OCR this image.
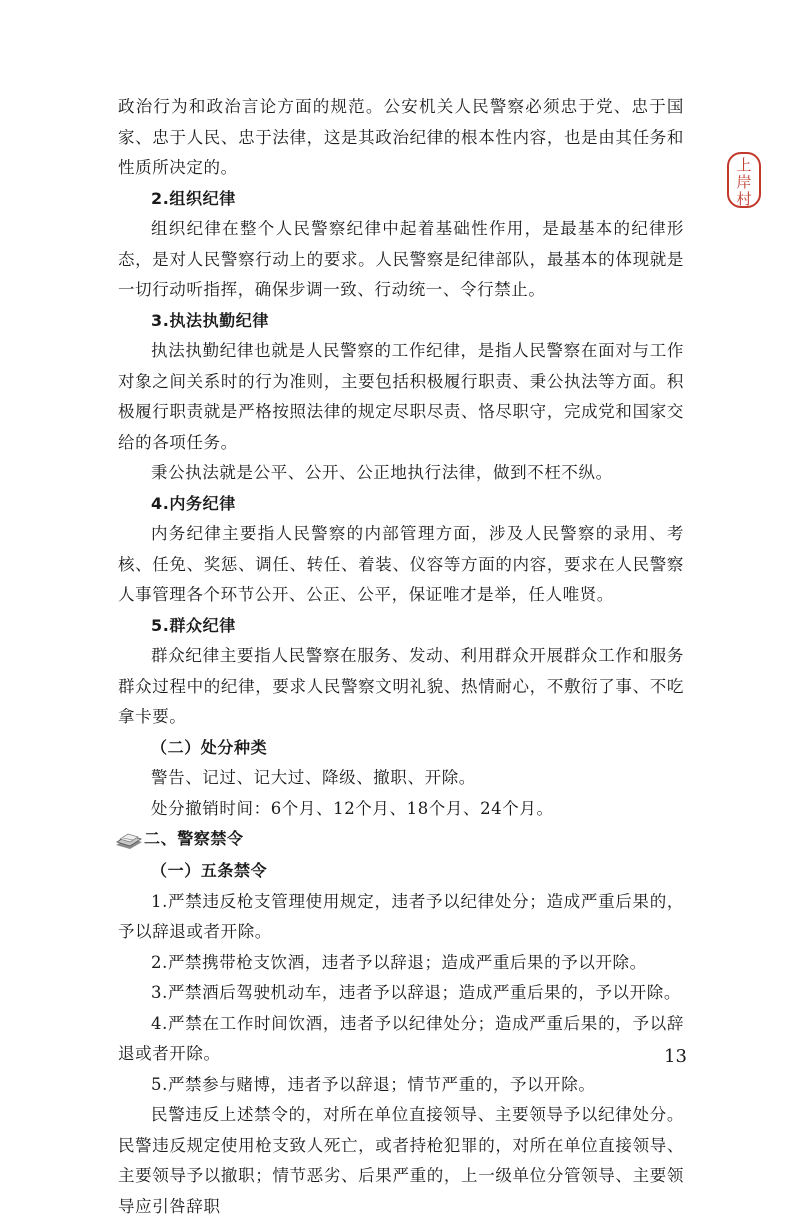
上
岸
村

政治行为和政治言论方面的规范。公安机关人民警察必须忠于党、忠于国家、忠于人民、忠于法律，这是其政治纪律的根本性内容，也是由其任务和性质所决定的。

2.组织纪律

组织纪律在整个人民警察纪律中起着基础性作用，是最基本的纪律形态，是对人民警察行动上的要求。人民警察是纪律部队，最基本的体现就是一切行动听指挥，确保步调一致、行动统一、令行禁止。

3.执法执勤纪律

执法执勤纪律也就是人民警察的工作纪律，是指人民警察在面对与工作对象之间关系时的行为准则，主要包括积极履行职责、秉公执法等方面。积极履行职责就是严格按照法律的规定尽职尽责、恪尽职守，完成党和国家交给的各项任务。

秉公执法就是公平、公开、公正地执行法律，做到不枉不纵。

4.内务纪律

内务纪律主要指人民警察的内部管理方面，涉及人民警察的录用、考核、任免、奖惩、调任、转任、着装、仪容等方面的内容，要求在人民警察人事管理各个环节公开、公正、公平，保证唯才是举，任人唯贤。

5.群众纪律

群众纪律主要指人民警察在服务、发动、利用群众开展群众工作和服务群众过程中的纪律，要求人民警察文明礼貌、热情耐心，不敷衍了事、不吃拿卡要。

（二）处分种类

警告、记过、记大过、降级、撤职、开除。

处分撤销时间：6个月、12个月、18个月、24个月。

二、警察禁令

（一）五条禁令

1.严禁违反枪支管理使用规定，违者予以纪律处分；造成严重后果的，予以辞退或者开除。

2.严禁携带枪支饮酒，违者予以辞退；造成严重后果的予以开除。

3.严禁酒后驾驶机动车，违者予以辞退；造成严重后果的，予以开除。

4.严禁在工作时间饮酒，违者予以纪律处分；造成严重后果的，予以辞退或者开除。

5.严禁参与赌博，违者予以辞退；情节严重的，予以开除。

民警违反上述禁令的，对所在单位直接领导、主要领导予以纪律处分。民警违反规定使用枪支致人死亡，或者持枪犯罪的，对所在单位直接领导、主要领导予以撤职；情节恶劣、后果严重的，上一级单位分管领导、主要领导应引咎辞职

13
